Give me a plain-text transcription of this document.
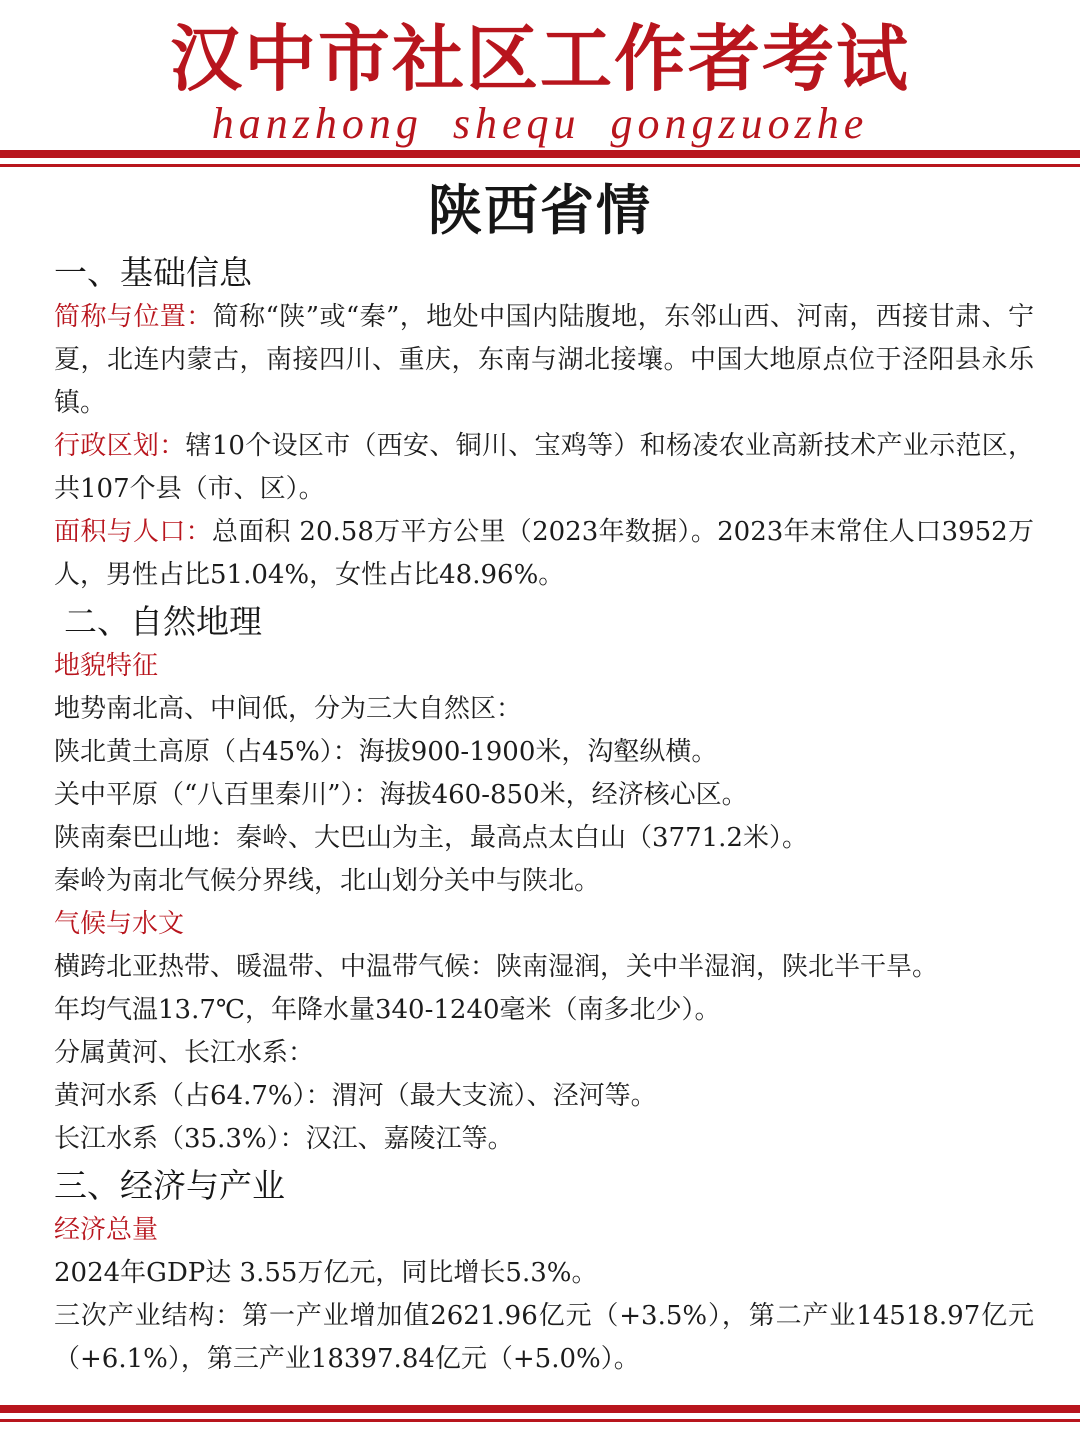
汉中市社区工作者考试
hanzhong shequ gongzuozhe
陕西省情
一、基础信息

简称与位置：简称“陕”或“秦”，地处中国内陆腹地，东邻山西、河南，西接甘肃、宁夏，北连内蒙古，南接四川、重庆，东南与湖北接壤。中国大地原点位于泾阳县永乐镇。

行政区划：辖10个设区市（西安、铜川、宝鸡等）和杨凌农业高新技术产业示范区，共107个县（市、区）。

面积与人口：总面积 20.58万平方公里（2023年数据）。2023年末常住人口3952万人，男性占比51.04%，女性占比48.96%。

二、自然地理
地貌特征
地势南北高、中间低，分为三大自然区：
陕北黄土高原（占45%）：海拔900-1900米，沟壑纵横。
关中平原（“八百里秦川”）：海拔460-850米，经济核心区。
陕南秦巴山地：秦岭、大巴山为主，最高点太白山（3771.2米）。
秦岭为南北气候分界线，北山划分关中与陕北。
气候与水文
横跨北亚热带、暖温带、中温带气候：陕南湿润，关中半湿润，陕北半干旱。
年均气温13.7℃，年降水量340-1240毫米（南多北少）。
分属黄河、长江水系：
黄河水系（占64.7%）：渭河（最大支流）、泾河等。
长江水系（35.3%）：汉江、嘉陵江等。
三、经济与产业
经济总量
2024年GDP达 3.55万亿元，同比增长5.3%。

三次产业结构：第一产业增加值2621.96亿元（+3.5%），第二产业14518.97亿元（+6.1%），第三产业18397.84亿元（+5.0%）。
